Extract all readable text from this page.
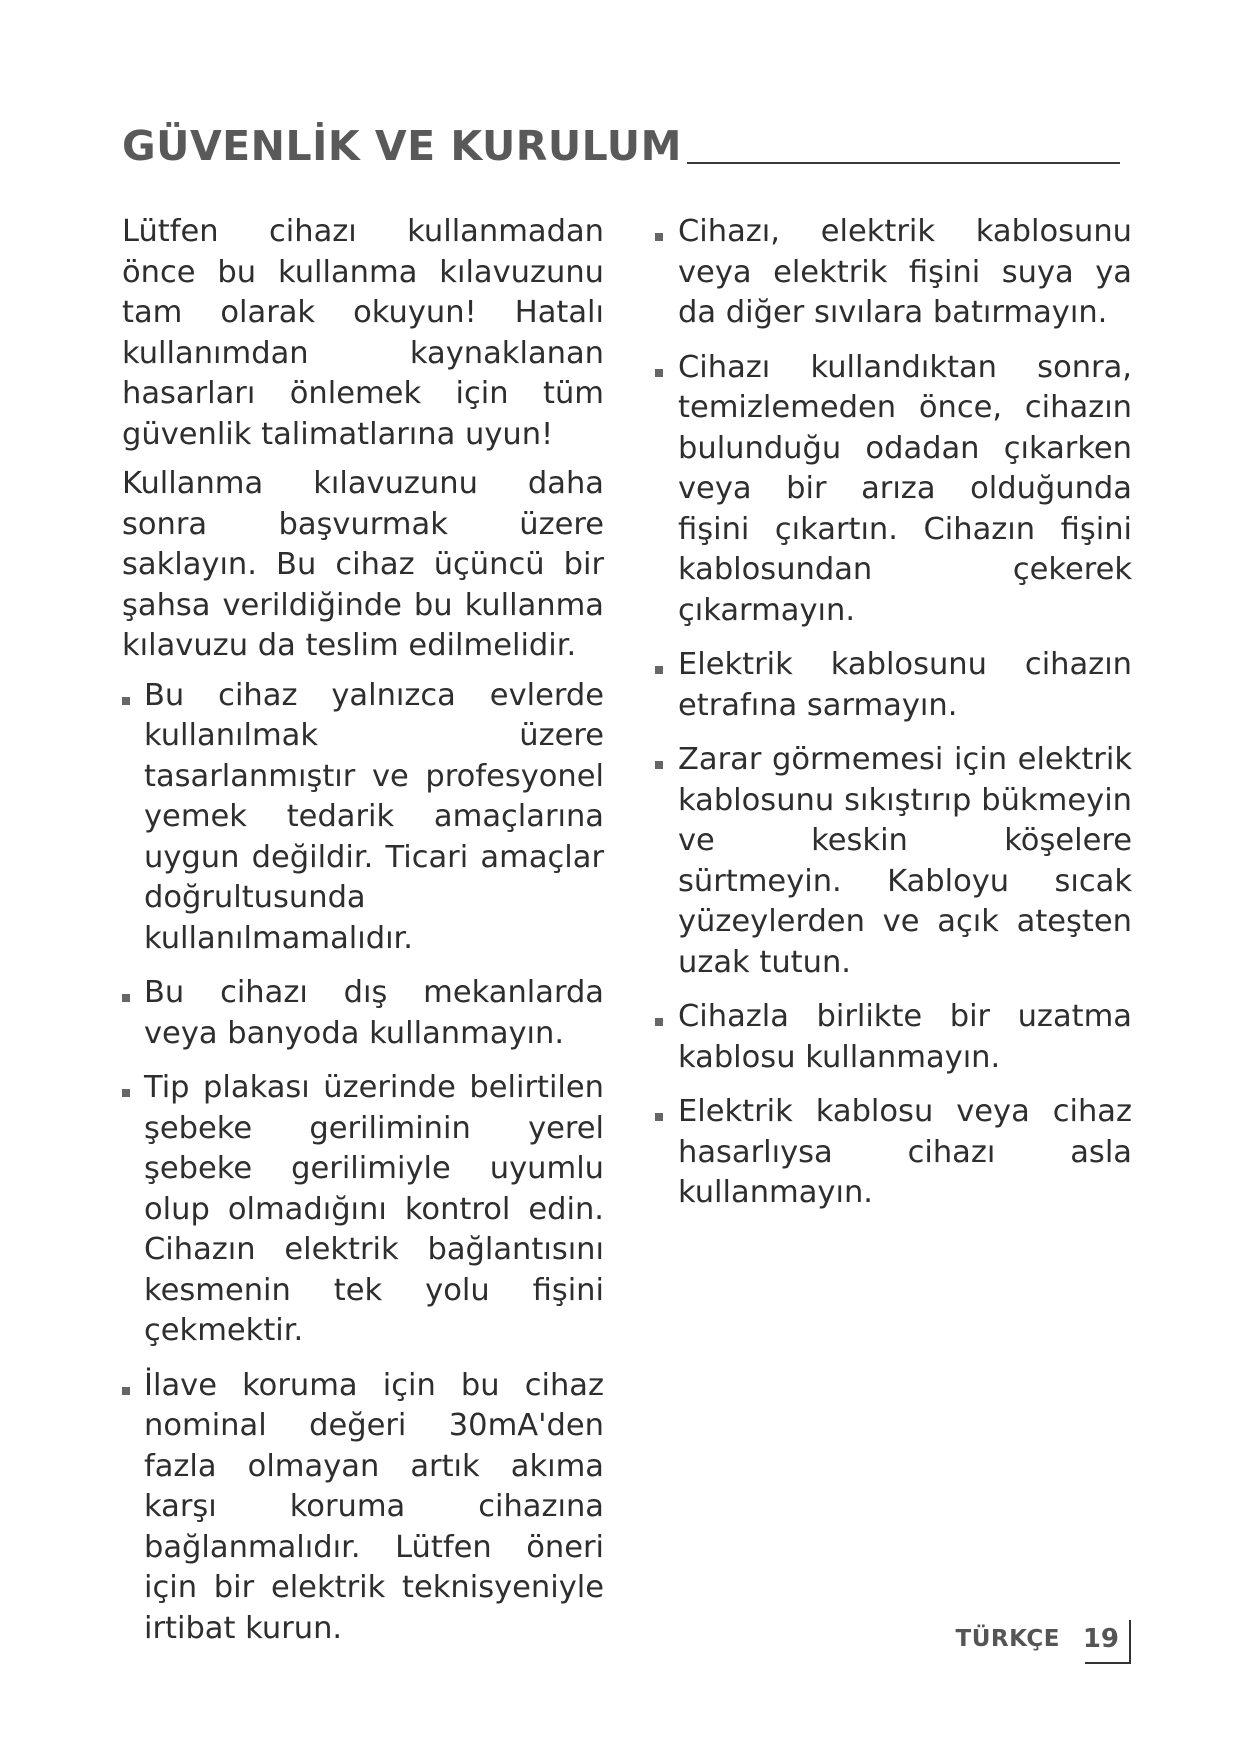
GÜVENLİK VE KURULUM

Lütfen cihazı kullanmadan önce bu kullanma kılavuzunu tam olarak okuyun! Hatalı kullanımdan kaynaklanan hasarları önlemek için tüm güvenlik talimatlarına uyun!

Kullanma kılavuzunu daha sonra başvurmak üzere saklayın. Bu cihaz üçüncü bir şahsa verildiğinde bu kullanma kılavuzu da teslim edilmelidir.

Bu cihaz yalnızca evlerde kullanılmak üzere tasarlanmıştır ve profesyonel yemek tedarik amaçlarına uygun değildir. Ticari amaçlar doğrultusunda kullanılmamalıdır.

Bu cihazı dış mekanlarda veya banyoda kullanmayın.

Tip plakası üzerinde belirtilen şebeke geriliminin yerel şebeke gerilimiyle uyumlu olup olmadığını kontrol edin. Cihazın elektrik bağlantısını kesmenin tek yolu fişini çekmektir.

İlave koruma için bu cihaz nominal değeri 30mA'den fazla olmayan artık akıma karşı koruma cihazına bağlanmalıdır. Lütfen öneri için bir elektrik teknisyeniyle irtibat kurun.

Cihazı, elektrik kablosunu veya elektrik fişini suya ya da diğer sıvılara batırmayın.

Cihazı kullandıktan sonra, temizlemeden önce, cihazın bulunduğu odadan çıkarken veya bir arıza olduğunda fişini çıkartın. Cihazın fişini kablosundan çekerek çıkarmayın.

Elektrik kablosunu cihazın etrafına sarmayın.

Zarar görmemesi için elektrik kablosunu sıkıştırıp bükmeyin ve keskin köşelere sürtmeyin. Kabloyu sıcak yüzeylerden ve açık ateşten uzak tutun.

Cihazla birlikte bir uzatma kablosu kullanmayın.

Elektrik kablosu veya cihaz hasarlıysa cihazı asla kullanmayın.

TÜRKÇE 19
